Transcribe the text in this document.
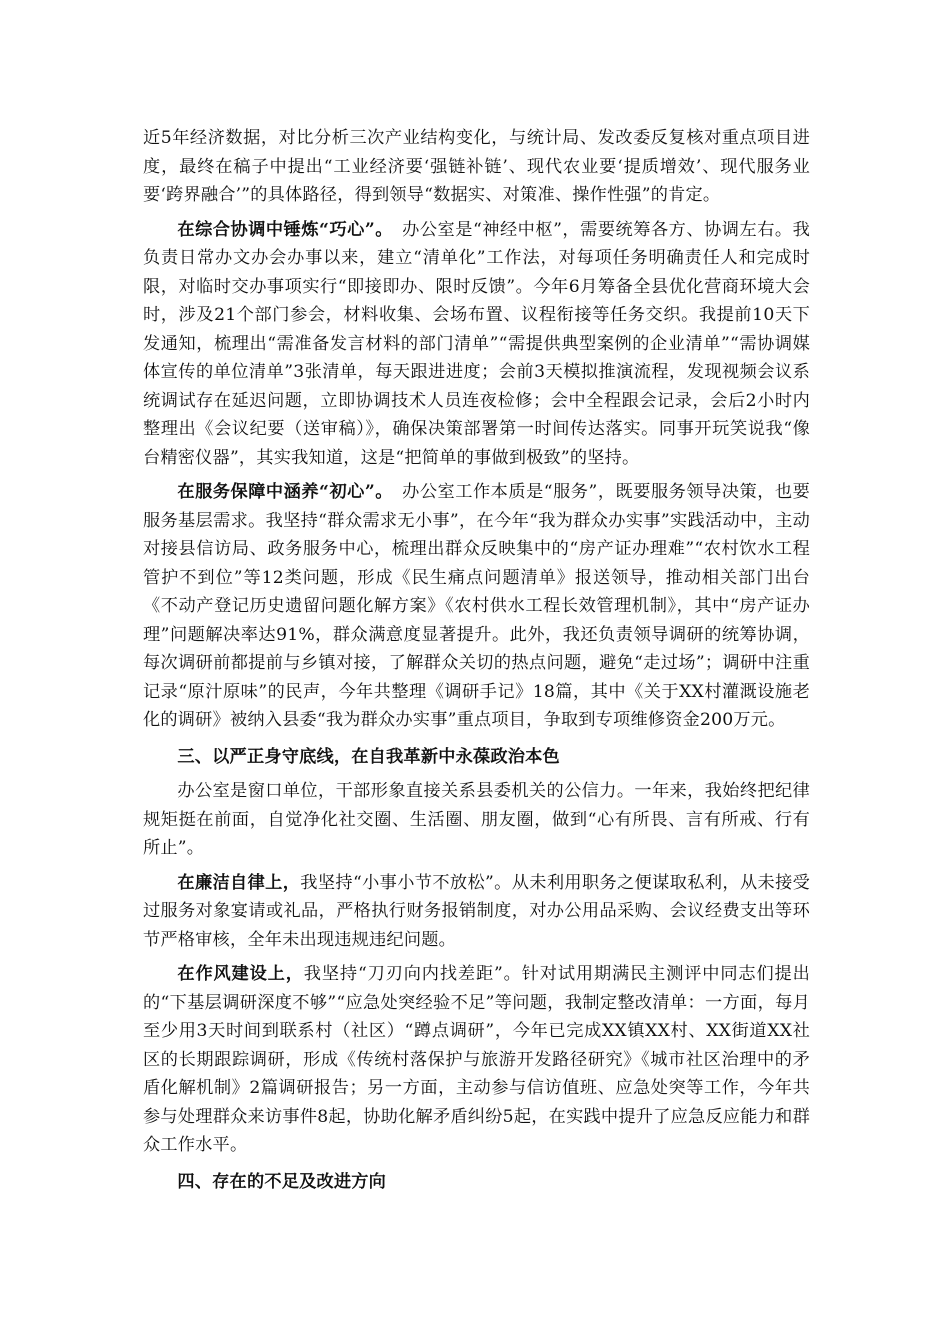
近5年经济数据，对比分析三次产业结构变化，与统计局、发改委反复核对重点项目进度，最终在稿子中提出“工业经济要‘强链补链’、现代农业要‘提质增效’、现代服务业要‘跨界融合’”的具体路径，得到领导“数据实、对策准、操作性强”的肯定。

在综合协调中锤炼“巧心”。　办公室是“神经中枢”，需要统筹各方、协调左右。我负责日常办文办会办事以来，建立“清单化”工作法，对每项任务明确责任人和完成时限，对临时交办事项实行“即接即办、限时反馈”。今年6月筹备全县优化营商环境大会时，涉及21个部门参会，材料收集、会场布置、议程衔接等任务交织。我提前10天下发通知，梳理出“需准备发言材料的部门清单”“需提供典型案例的企业清单”“需协调媒体宣传的单位清单”3张清单，每天跟进进度；会前3天模拟推演流程，发现视频会议系统调试存在延迟问题，立即协调技术人员连夜检修；会中全程跟会记录，会后2小时内整理出《会议纪要（送审稿）》，确保决策部署第一时间传达落实。同事开玩笑说我“像台精密仪器”，其实我知道，这是“把简单的事做到极致”的坚持。

在服务保障中涵养“初心”。　办公室工作本质是“服务”，既要服务领导决策，也要服务基层需求。我坚持“群众需求无小事”，在今年“我为群众办实事”实践活动中，主动对接县信访局、政务服务中心，梳理出群众反映集中的“房产证办理难”“农村饮水工程管护不到位”等12类问题，形成《民生痛点问题清单》报送领导，推动相关部门出台《不动产登记历史遗留问题化解方案》《农村供水工程长效管理机制》，其中“房产证办理”问题解决率达91%，群众满意度显著提升。此外，我还负责领导调研的统筹协调，每次调研前都提前与乡镇对接，了解群众关切的热点问题，避免“走过场”；调研中注重记录“原汁原味”的民声，今年共整理《调研手记》18篇，其中《关于XX村灌溉设施老化的调研》被纳入县委“我为群众办实事”重点项目，争取到专项维修资金200万元。

三、以严正身守底线，在自我革新中永葆政治本色

办公室是窗口单位，干部形象直接关系县委机关的公信力。一年来，我始终把纪律规矩挺在前面，自觉净化社交圈、生活圈、朋友圈，做到“心有所畏、言有所戒、行有所止”。

在廉洁自律上，我坚持“小事小节不放松”。从未利用职务之便谋取私利，从未接受过服务对象宴请或礼品，严格执行财务报销制度，对办公用品采购、会议经费支出等环节严格审核，全年未出现违规违纪问题。

在作风建设上，我坚持“刀刃向内找差距”。针对试用期满民主测评中同志们提出的“下基层调研深度不够”“应急处突经验不足”等问题，我制定整改清单：一方面，每月至少用3天时间到联系村（社区）“蹲点调研”，今年已完成XX镇XX村、XX街道XX社区的长期跟踪调研，形成《传统村落保护与旅游开发路径研究》《城市社区治理中的矛盾化解机制》2篇调研报告；另一方面，主动参与信访值班、应急处突等工作，今年共参与处理群众来访事件8起，协助化解矛盾纠纷5起，在实践中提升了应急反应能力和群众工作水平。

四、存在的不足及改进方向
